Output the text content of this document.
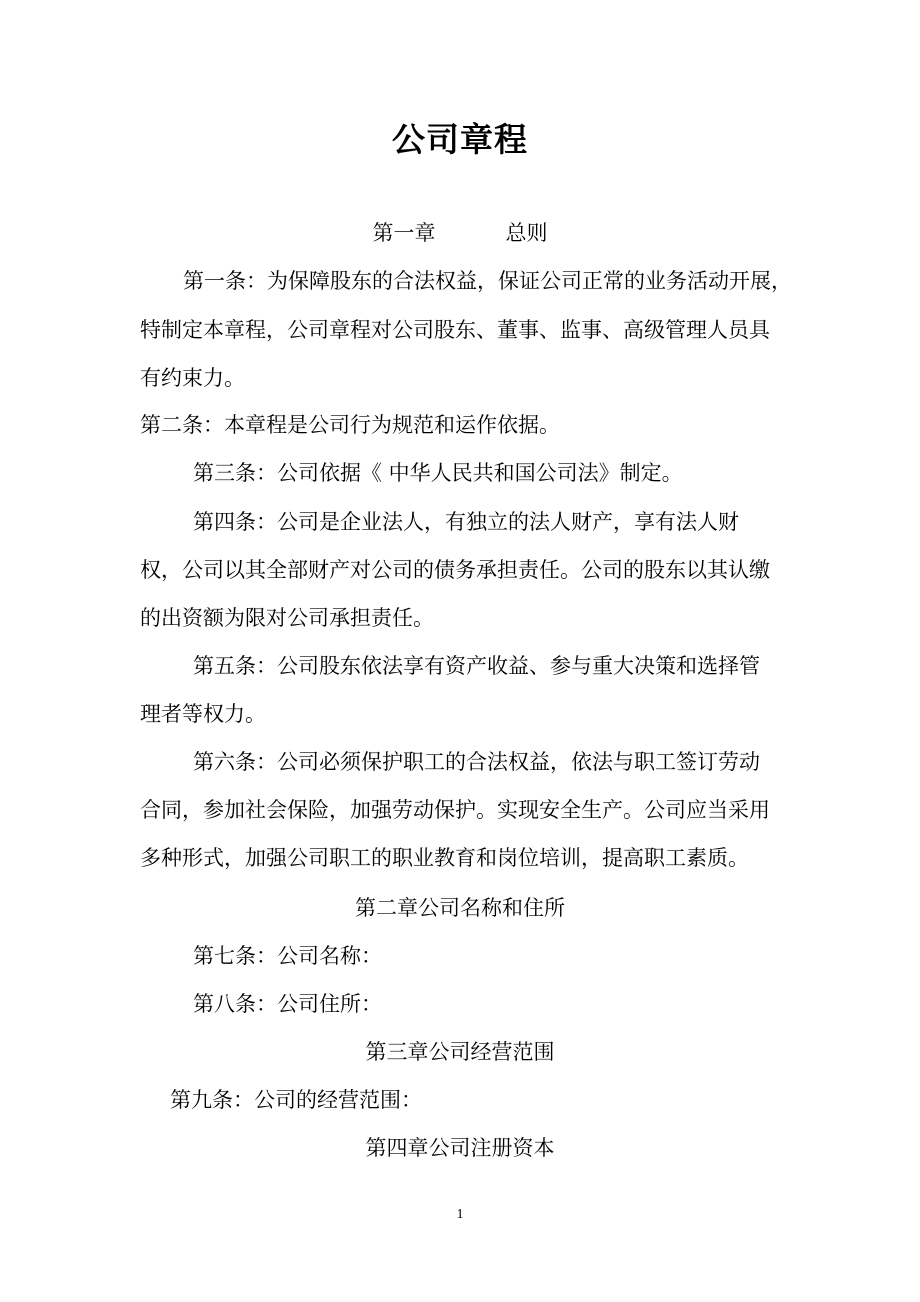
公司章程
第一章	总则
第一条：为保障股东的合法权益，保证公司正常的业务活动开展，
特制定本章程，公司章程对公司股东、董事、监事、高级管理人员具
有约束力。
第二条：本章程是公司行为规范和运作依据。
第三条：公司依据《 中华人民共和国公司法》制定。
第四条：公司是企业法人，有独立的法人财产，享有法人财
权，公司以其全部财产对公司的债务承担责任。公司的股东以其认缴
的出资额为限对公司承担责任。
第五条：公司股东依法享有资产收益、参与重大决策和选择管
理者等权力。
第六条：公司必须保护职工的合法权益，依法与职工签订劳动
合同，参加社会保险，加强劳动保护。实现安全生产。公司应当采用
多种形式，加强公司职工的职业教育和岗位培训，提高职工素质。
第二章公司名称和住所
第七条：公司名称：
第八条：公司住所：
第三章公司经营范围
第九条：公司的经营范围：
第四章公司注册资本
1
